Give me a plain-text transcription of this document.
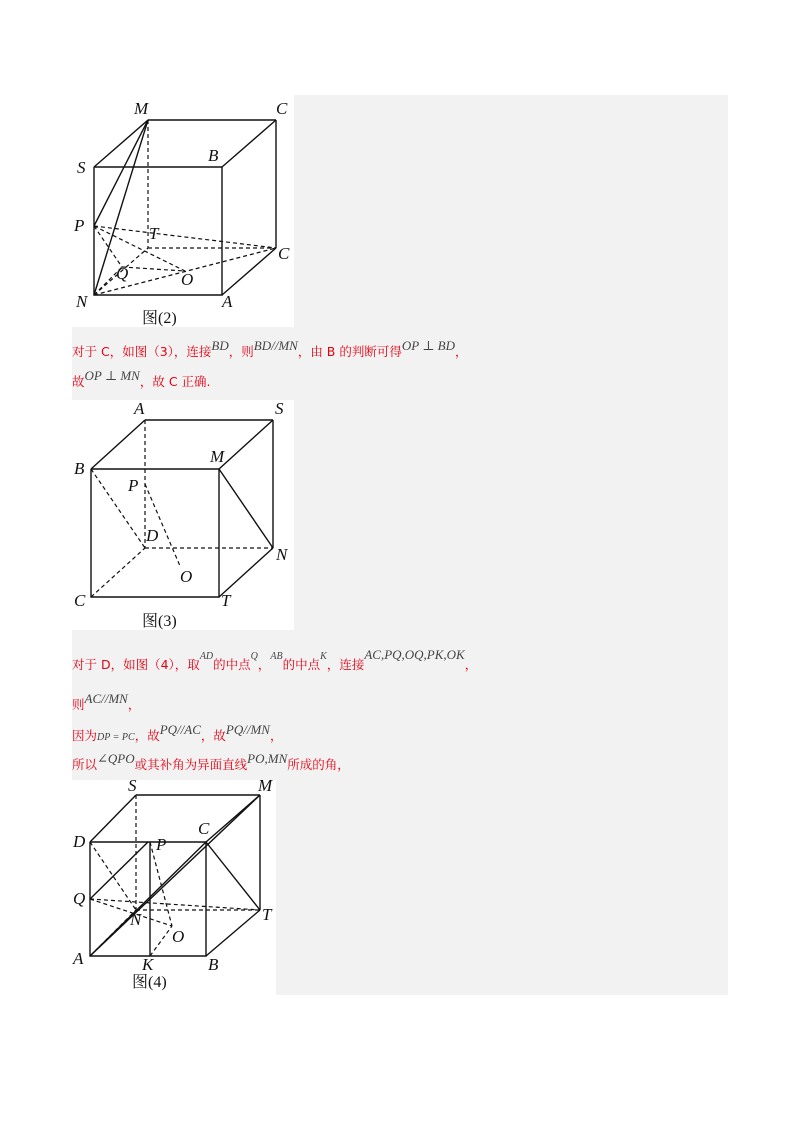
M	C
S
B
P	T
C
Q	O
N	A
图(2)
对于 C，如图（3），连接BD，则BD//MN，由 B 的判断可得OP ⊥ BD，
故OP ⊥ MN，故 C 正确.
A	S
B
M
P
D
N
O
C	T
图(3)
对于 D，如图（4），取$^{AD}$的中点$^Q$，$^{AB}$的中点$^K$，连接AC,PQ,OQ,PK,OK，
则AC//MN，
因为DP = PC，故PQ//AC，故PQ//MN，
所以∠QPO或其补角为异面直线PO,MN所成的角，
S	M
D
C
P
Q
T
N
O
A	K	B
图(4)
